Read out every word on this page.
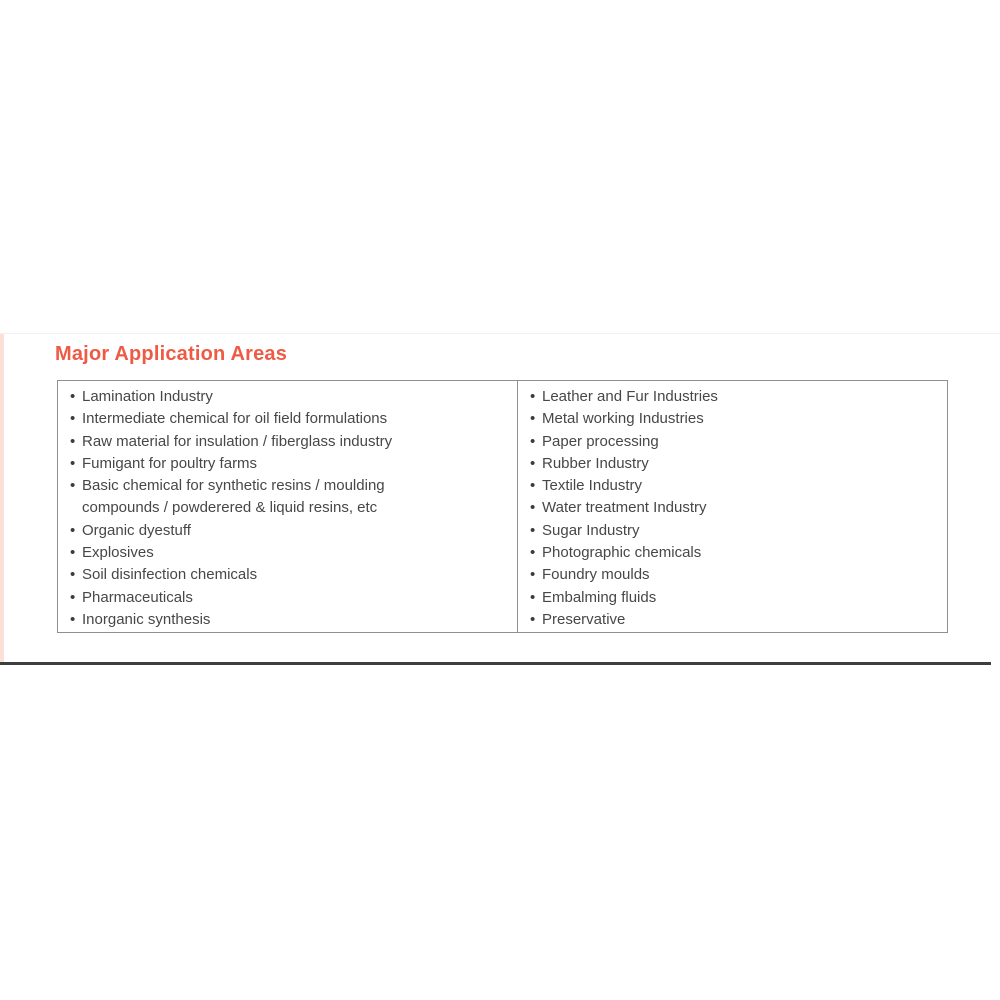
Major Application Areas
• Lamination Industry
• Intermediate chemical for oil field formulations
• Raw material for insulation / fiberglass industry
• Fumigant for poultry farms
• Basic chemical for synthetic resins / moulding
compounds / powderered & liquid resins, etc
• Organic dyestuff
• Explosives
• Soil disinfection chemicals
• Pharmaceuticals
• Inorganic synthesis
• Leather and Fur Industries
• Metal working Industries
• Paper processing
• Rubber Industry
• Textile Industry
• Water treatment Industry
• Sugar Industry
• Photographic chemicals
• Foundry moulds
• Embalming fluids
• Preservative
